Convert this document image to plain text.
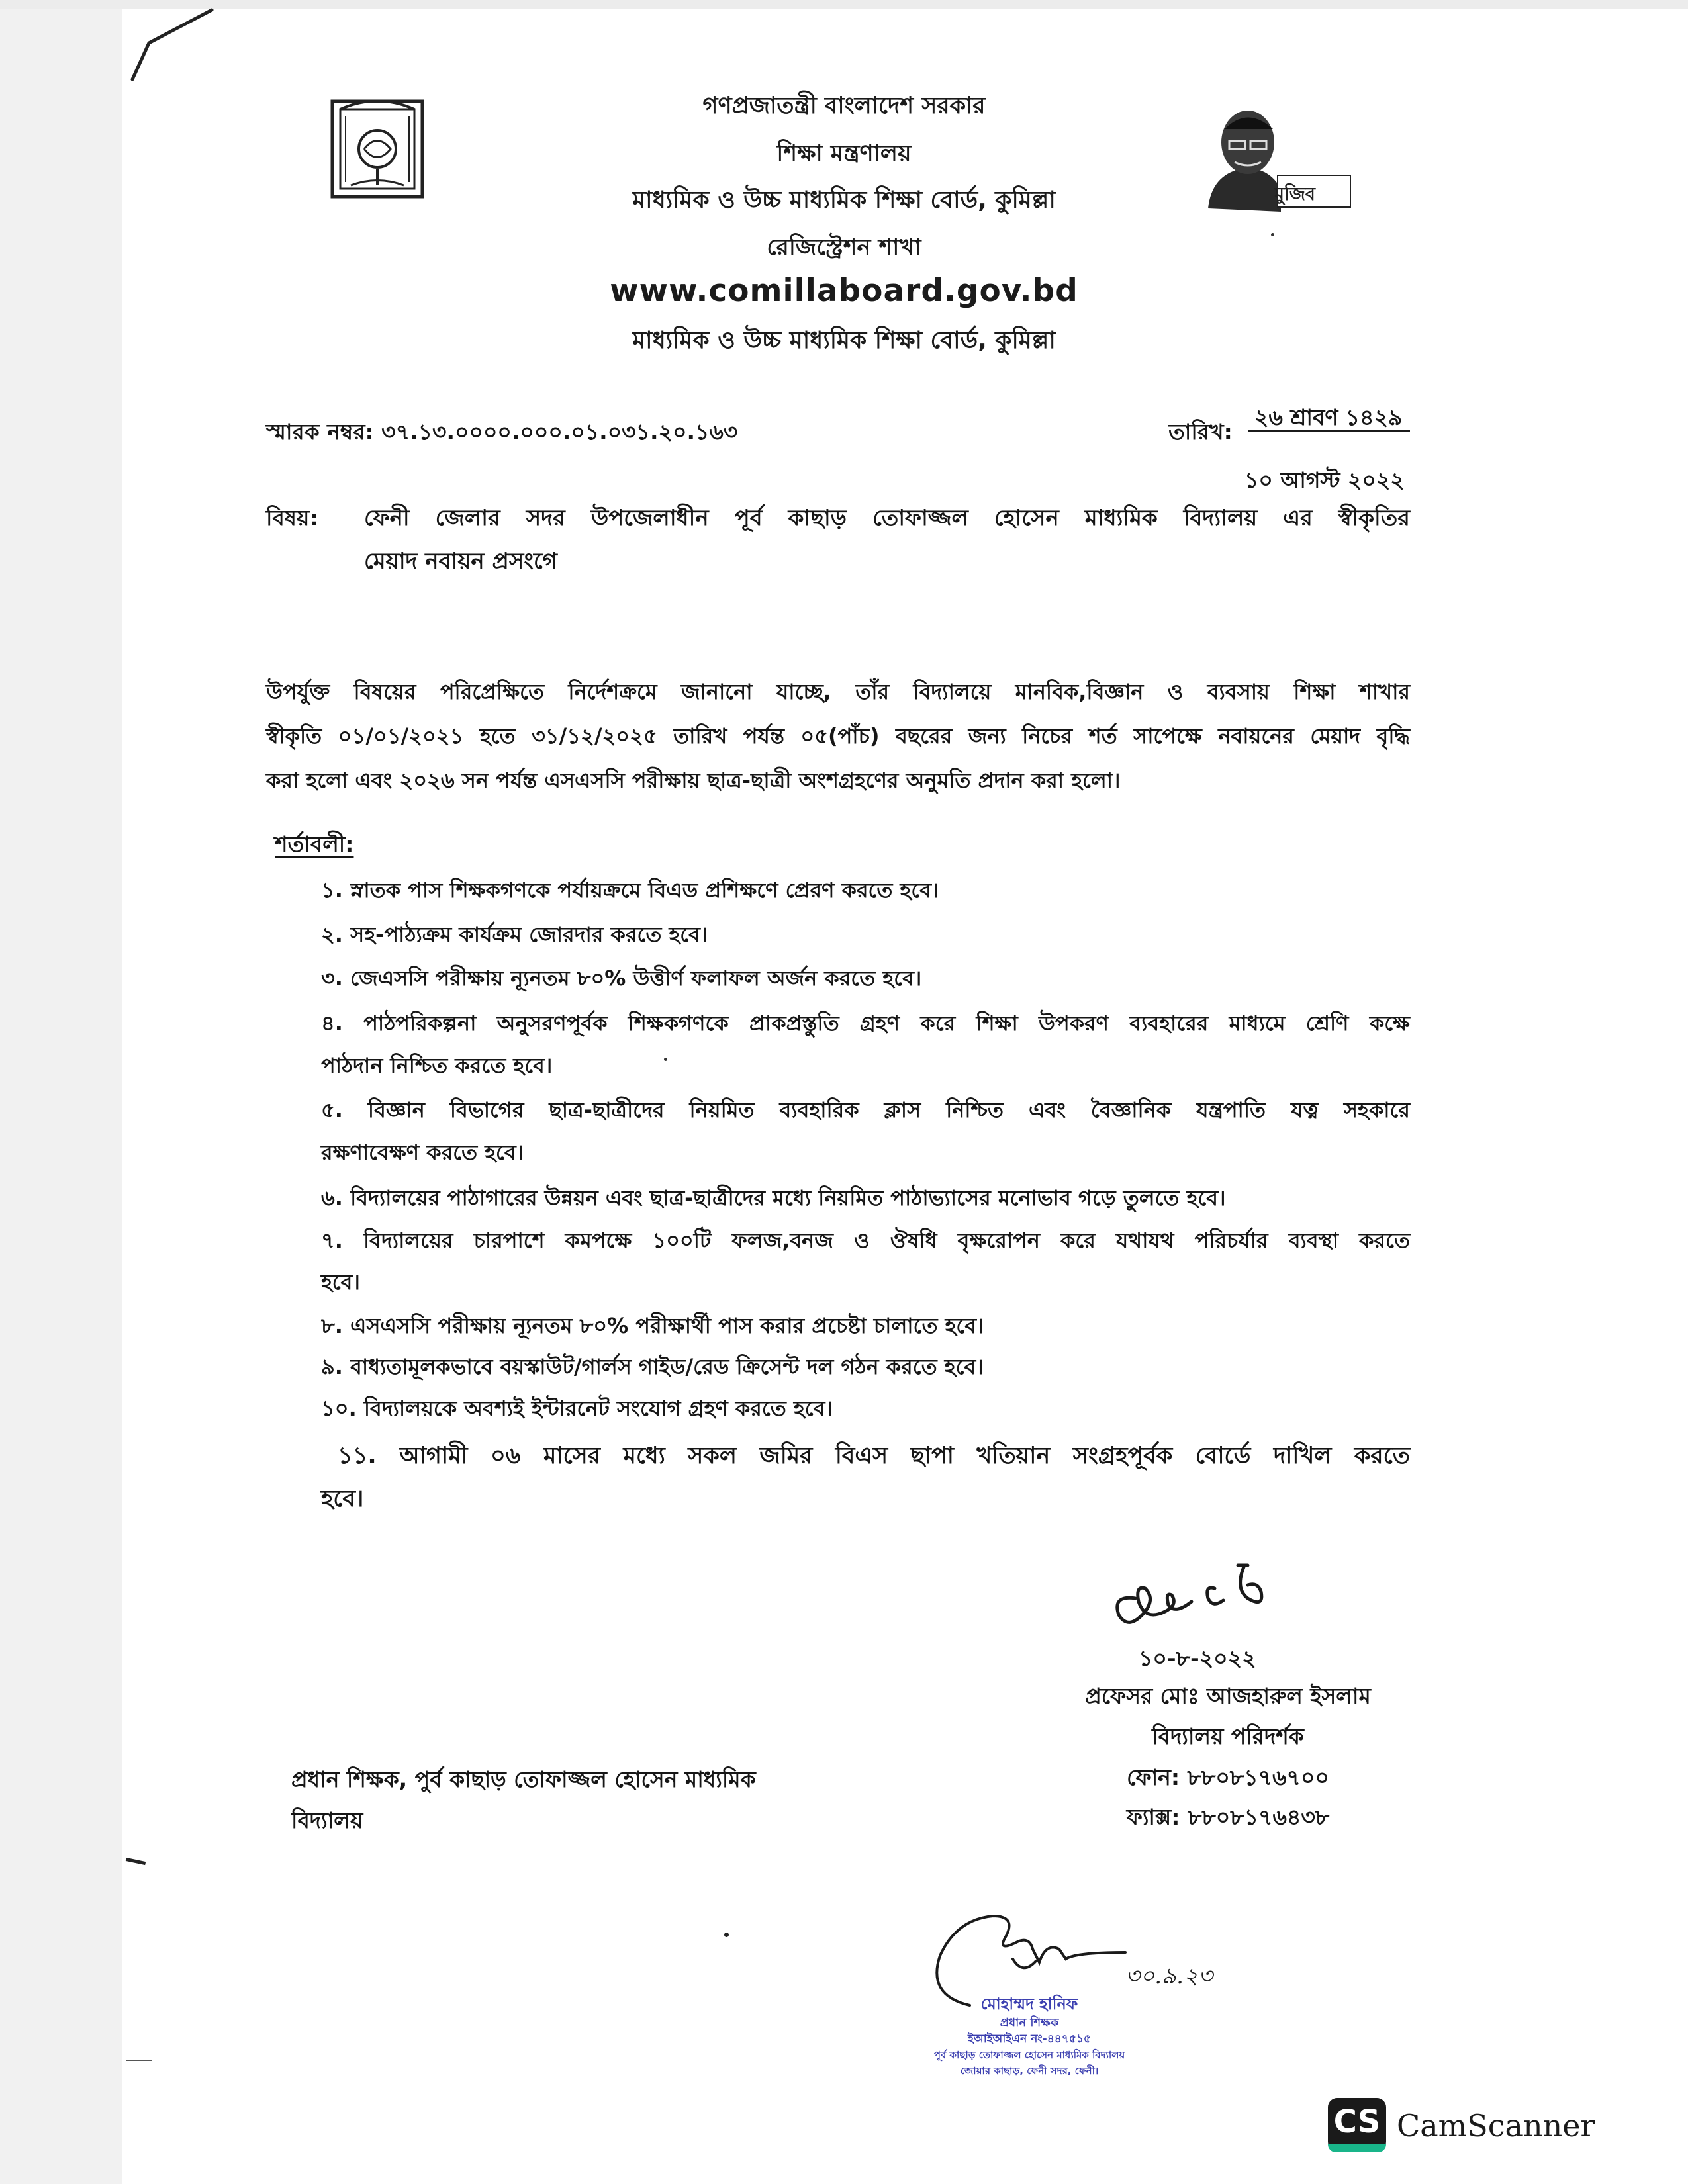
মুজিব
গণপ্রজাতন্ত্রী বাংলাদেশ সরকার
শিক্ষা মন্ত্রণালয়
মাধ্যমিক ও উচ্চ মাধ্যমিক শিক্ষা বোর্ড, কুমিল্লা
রেজিস্ট্রেশন শাখা
www.comillaboard.gov.bd
মাধ্যমিক ও উচ্চ মাধ্যমিক শিক্ষা বোর্ড, কুমিল্লা
স্মারক নম্বর: ৩৭.১৩.০০০০.০০০.০১.০৩১.২০.১৬৩	তারিখ:
২৬ শ্রাবণ ১৪২৯
১০ আগস্ট ২০২২
বিষয়: ফেনী জেলার সদর উপজেলাধীন পূর্ব কাছাড় তোফাজ্জল হোসেন মাধ্যমিক বিদ্যালয় এর স্বীকৃতির
মেয়াদ নবায়ন প্রসংগে
উপর্যুক্ত বিষয়ের পরিপ্রেক্ষিতে নির্দেশক্রমে জানানো যাচ্ছে, তাঁর বিদ্যালয়ে মানবিক,বিজ্ঞান ও ব্যবসায় শিক্ষা শাখার
স্বীকৃতি ০১/০১/২০২১ হতে ৩১/১২/২০২৫ তারিখ পর্যন্ত ০৫(পাঁচ) বছরের জন্য নিচের শর্ত সাপেক্ষে নবায়নের মেয়াদ বৃদ্ধি
করা হলো এবং ২০২৬ সন পর্যন্ত এসএসসি পরীক্ষায় ছাত্র-ছাত্রী অংশগ্রহণের অনুমতি প্রদান করা হলো।
শর্তাবলী:
১. স্নাতক পাস শিক্ষকগণকে পর্যায়ক্রমে বিএড প্রশিক্ষণে প্রেরণ করতে হবে।
২. সহ-পাঠ্যক্রম কার্যক্রম জোরদার করতে হবে।
৩. জেএসসি পরীক্ষায় ন্যূনতম ৮০% উত্তীর্ণ ফলাফল অর্জন করতে হবে।
৪. পাঠপরিকল্পনা অনুসরণপূর্বক শিক্ষকগণকে প্রাকপ্রস্তুতি গ্রহণ করে শিক্ষা উপকরণ ব্যবহারের মাধ্যমে শ্রেণি কক্ষে
পাঠদান নিশ্চিত করতে হবে।
৫. বিজ্ঞান বিভাগের ছাত্র-ছাত্রীদের নিয়মিত ব্যবহারিক ক্লাস নিশ্চিত এবং বৈজ্ঞানিক যন্ত্রপাতি যত্ন সহকারে
রক্ষণাবেক্ষণ করতে হবে।
৬. বিদ্যালয়ের পাঠাগারের উন্নয়ন এবং ছাত্র-ছাত্রীদের মধ্যে নিয়মিত পাঠাভ্যাসের মনোভাব গড়ে তুলতে হবে।
৭. বিদ্যালয়ের চারপাশে কমপক্ষে ১০০টি ফলজ,বনজ ও ঔষধি বৃক্ষরোপন করে যথাযথ পরিচর্যার ব্যবস্থা করতে
হবে।
৮. এসএসসি পরীক্ষায় ন্যূনতম ৮০% পরীক্ষার্থী পাস করার প্রচেষ্টা চালাতে হবে।
৯. বাধ্যতামূলকভাবে বয়স্কাউট/গার্লস গাইড/রেড ক্রিসেন্ট দল গঠন করতে হবে।
১০. বিদ্যালয়কে অবশ্যই ইন্টারনেট সংযোগ গ্রহণ করতে হবে।
১১. আগামী ০৬ মাসের মধ্যে সকল জমির বিএস ছাপা খতিয়ান সংগ্রহপূর্বক বোর্ডে দাখিল করতে
হবে।
১০-৮-২০২২
প্রফেসর মোঃ আজহারুল ইসলাম
বিদ্যালয় পরিদর্শক
ফোন: ৮৮০৮১৭৬৭০০
ফ্যাক্স: ৮৮০৮১৭৬৪৩৮
প্রধান শিক্ষক, পুর্ব কাছাড় তোফাজ্জল হোসেন মাধ্যমিক
বিদ্যালয়
৩০.৯.২৩
মোহাম্মদ হানিফ
প্রধান শিক্ষক
ইআইআইএন নং-৪৪৭৫১৫
পূর্ব কাছাড় তোফাজ্জল হোসেন মাধ্যমিক বিদ্যালয়
জোয়ার কাছাড়, ফেনী সদর, ফেনী।
CS CamScanner
